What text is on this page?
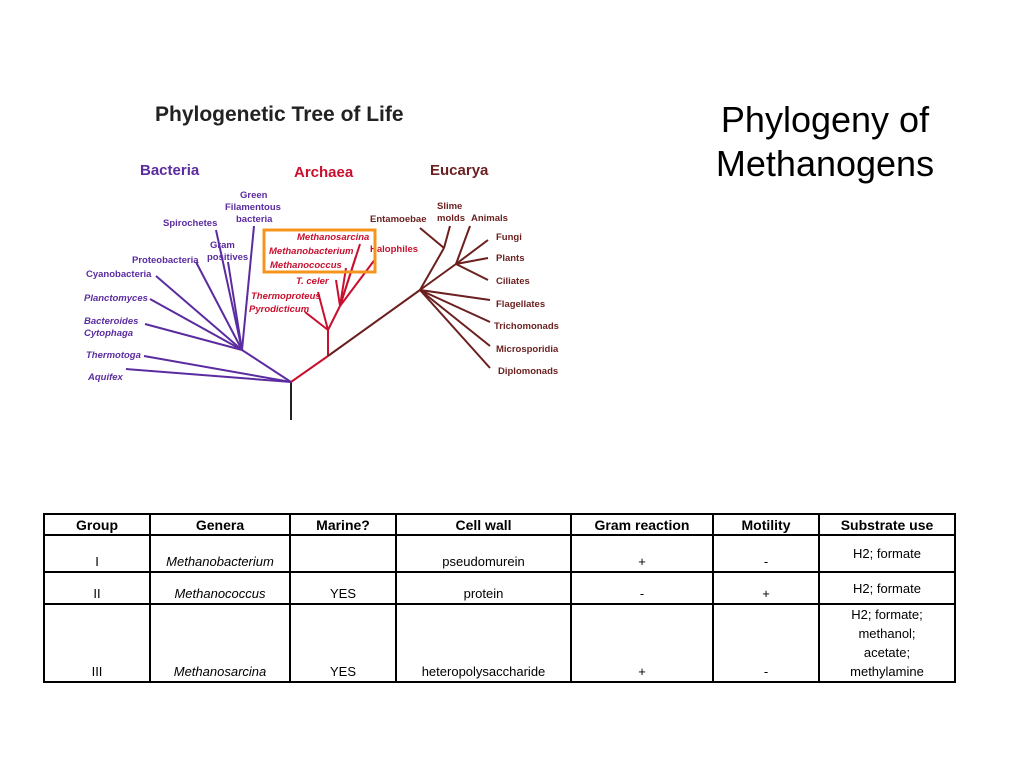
Phylogeny of
Methanogens
Phylogenetic Tree of Life
Bacteria	Archaea	Eucarya
Green
Filamentous
bacteria
Spirochetes
Gram
positives
Proteobacteria
Cyanobacteria
Planctomyces
Bacteroides
Cytophaga
Thermotoga
Aquifex
Methanosarcina
Methanobacterium
Methanococcus
Halophiles
T. celer
Thermoproteus
Pyrodicticum
Entamoebae
Slime
molds Animals
Fungi
Plants
Ciliates
Flagellates
Trichomonads
Microsporidia
Diplomonads
Group	Genera	Marine?	Cell wall	Gram reaction	Motility	Substrate use
I	Methanobacterium		pseudomurein	+	-	H2; formate

II	Methanococcus	YES	protein	-	+	H2; formate

III	Methanosarcina	YES	heteropolysaccharide	+	-	H2; formate;
methanol;
acetate;
methylamine
